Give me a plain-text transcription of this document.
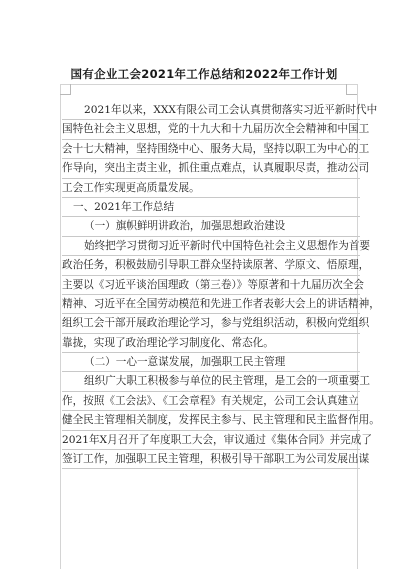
国有企业工会2021年工作总结和2022年工作计划
2021年以来，XXX有限公司工会认真贯彻落实习近平新时代中
国特色社会主义思想，党的十九大和十九届历次全会精神和中国工
会十七大精神，坚持围绕中心、服务大局，坚持以职工为中心的工
作导向，突出主责主业，抓住重点难点，认真履职尽责，推动公司
工会工作实现更高质量发展。
一、2021年工作总结
（一）旗帜鲜明讲政治，加强思想政治建设
始终把学习贯彻习近平新时代中国特色社会主义思想作为首要
政治任务，积极鼓励引导职工群众坚持读原著、学原文、悟原理，
主要以《习近平谈治国理政（第三卷）》等原著和十九届历次全会
精神、习近平在全国劳动模范和先进工作者表彰大会上的讲话精神，
组织工会干部开展政治理论学习，参与党组织活动，积极向党组织
靠拢，实现了政治理论学习制度化、常态化。
（二）一心一意谋发展，加强职工民主管理
组织广大职工积极参与单位的民主管理，是工会的一项重要工
作，按照《工会法》、《工会章程》有关规定，公司工会认真建立
健全民主管理相关制度，发挥民主参与、民主管理和民主监督作用。
2021年X月召开了年度职工大会，审议通过《集体合同》并完成了
签订工作，加强职工民主管理，积极引导干部职工为公司发展出谋
